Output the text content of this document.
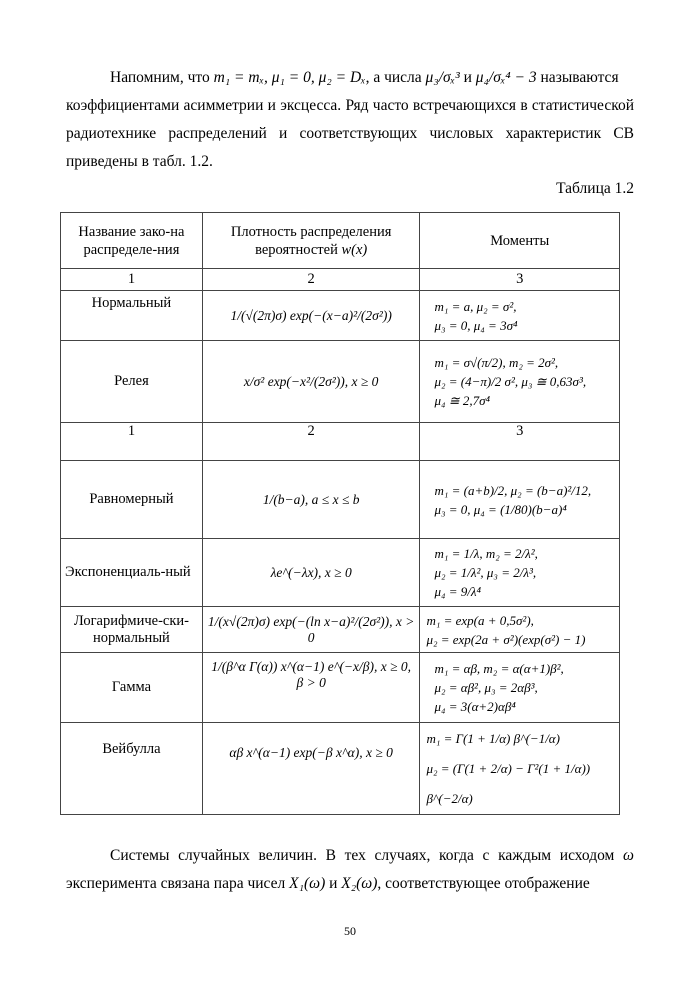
Напомним, что m₁ = mₓ, μ₁ = 0, μ₂ = Dₓ, а числа μ₃/σₓ³ и μ₄/σₓ⁴ − 3 называются
коэффициентами асимметрии и эксцесса. Ряд часто встречающихся в статистической радиотехнике распределений и соответствующих числовых характеристик СВ приведены в табл. 1.2.
Таблица 1.2
Название зако-на распределе-ния	Плотность распределения вероятностей w(x)	Моменты
1	2	3
Нормальный	1/(√(2π)σ) exp(−(x−a)²/(2σ²))	m₁ = a, μ₂ = σ²,
μ₃ = 0, μ₄ = 3σ⁴

Релея	x/σ² exp(−x²/(2σ²)), x ≥ 0	m₁ = σ√(π/2), m₂ = 2σ²,
μ₂ = (4−π)/2 σ², μ₃ ≅ 0,63σ³,
μ₄ ≅ 2,7σ⁴

1	2	3
Равномерный	1/(b−a), a ≤ x ≤ b	m₁ = (a+b)/2, μ₂ = (b−a)²/12,
μ₃ = 0, μ₄ = (1/80)(b−a)⁴

Экспоненциаль-ный	λe^(−λx), x ≥ 0	m₁ = 1/λ, m₂ = 2/λ²,
μ₂ = 1/λ², μ₃ = 2/λ³,
μ₄ = 9/λ⁴

Логарифмиче-ски-нормальный	1/(x√(2π)σ) exp(−(ln x−a)²/(2σ²)), x > 0	m₁ = exp(a + 0,5σ²),
μ₂ = exp(2a + σ²)(exp(σ²) − 1)

Гамма	1/(β^α Γ(α)) x^(α−1) e^(−x/β), x ≥ 0, β > 0	m₁ = αβ, m₂ = α(α+1)β²,
μ₂ = αβ², μ₃ = 2αβ³,
μ₄ = 3(α+2)αβ⁴

Вейбулла	αβ x^(α−1) exp(−β x^α), x ≥ 0	m₁ = Γ(1 + 1/α) β^(−1/α)
μ₂ = (Γ(1 + 2/α) − Γ²(1 + 1/α)) β^(−2/α)
Системы случайных величин. В тех случаях, когда с каждым исходом ω эксперимента связана пара чисел X₁(ω) и X₂(ω), соответствующее отображение
50
